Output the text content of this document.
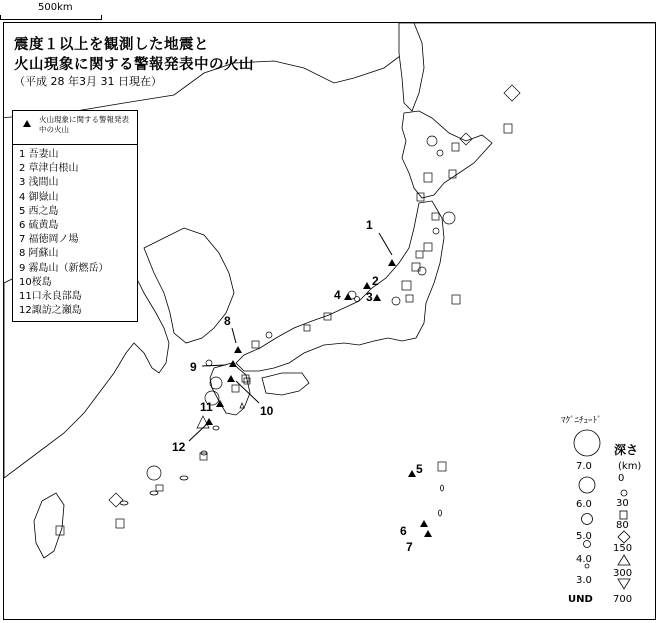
500km
1
2
3
4
5
6
7
8
9
10
11
12
震度１以上を観測した地震と
火山現象に関する警報発表中の火山
（平成 28 年3月 31 日現在）
火山現象に関する警報発表中の火山
1 吾妻山
2 草津白根山
3 浅間山
4 御嶽山
5 西之島
6 硫黄島
7 福徳岡ノ場
8 阿蘇山
9 霧島山（新燃岳）
10桜島
11口永良部島
12諏訪之瀬島
ﾏｸﾞﾆﾁｭｰﾄﾞ
7.0
6.0
5.0
4.0
3.0
深さ
(km)
0
30
80
150
300
700
UND
